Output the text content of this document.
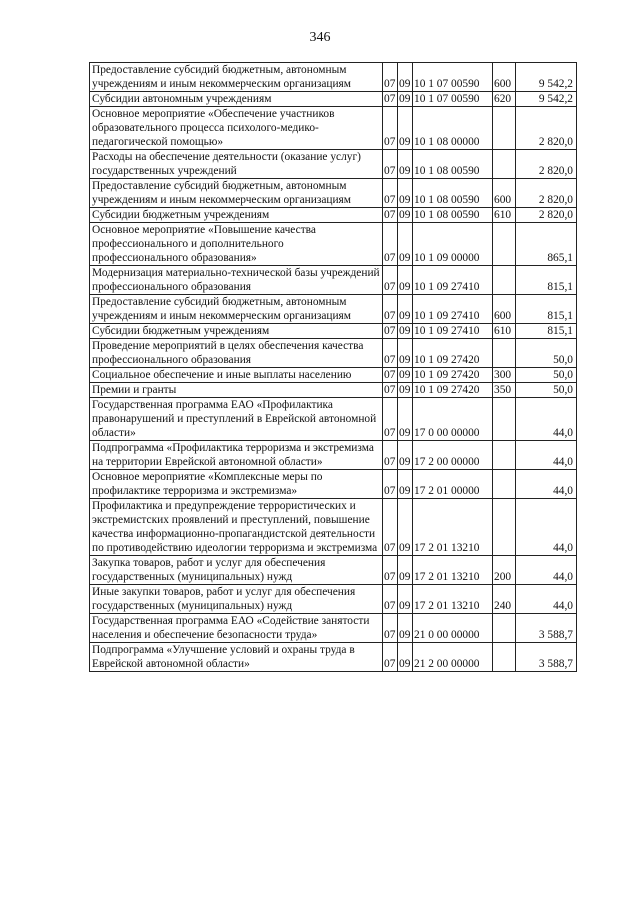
346
Предоставление субсидий бюджетным, автономным учреждениям и иным некоммерческим организациям	07	09	10 1 07 00590	600	9 542,2
Субсидии автономным учреждениям	07	09	10 1 07 00590	620	9 542,2
Основное мероприятие «Обеспечение участников образовательного процесса психолого-медико-педагогической помощью»	07	09	10 1 08 00000		2 820,0
Расходы на обеспечение деятельности (оказание услуг) государственных учреждений	07	09	10 1 08 00590		2 820,0
Предоставление субсидий бюджетным, автономным учреждениям и иным некоммерческим организациям	07	09	10 1 08 00590	600	2 820,0
Субсидии бюджетным учреждениям	07	09	10 1 08 00590	610	2 820,0
Основное мероприятие «Повышение качества профессионального и дополнительного профессионального образования»	07	09	10 1 09 00000		865,1
Модернизация материально-технической базы учреждений профессионального образования	07	09	10 1 09 27410		815,1
Предоставление субсидий бюджетным, автономным учреждениям и иным некоммерческим организациям	07	09	10 1 09 27410	600	815,1
Субсидии бюджетным учреждениям	07	09	10 1 09 27410	610	815,1
Проведение мероприятий в целях обеспечения качества профессионального образования	07	09	10 1 09 27420		50,0
Социальное обеспечение и иные выплаты населению	07	09	10 1 09 27420	300	50,0
Премии и гранты	07	09	10 1 09 27420	350	50,0
Государственная программа ЕАО «Профилактика правонарушений и преступлений в Еврейской автономной области»	07	09	17 0 00 00000		44,0
Подпрограмма «Профилактика терроризма и экстремизма на территории Еврейской автономной области»	07	09	17 2 00 00000		44,0
Основное мероприятие «Комплексные меры по профилактике терроризма и экстремизма»	07	09	17 2 01 00000		44,0
Профилактика и предупреждение террористических и экстремистских проявлений и преступлений, повышение качества информационно-пропагандистской деятельности по противодействию идеологии терроризма и экстремизма	07	09	17 2 01 13210		44,0
Закупка товаров, работ и услуг для обеспечения государственных (муниципальных) нужд	07	09	17 2 01 13210	200	44,0
Иные закупки товаров, работ и услуг для обеспечения государственных (муниципальных) нужд	07	09	17 2 01 13210	240	44,0
Государственная программа ЕАО «Содействие занятости населения и обеспечение безопасности труда»	07	09	21 0 00 00000		3 588,7
Подпрограмма «Улучшение условий и охраны труда в Еврейской автономной области»	07	09	21 2 00 00000		3 588,7
